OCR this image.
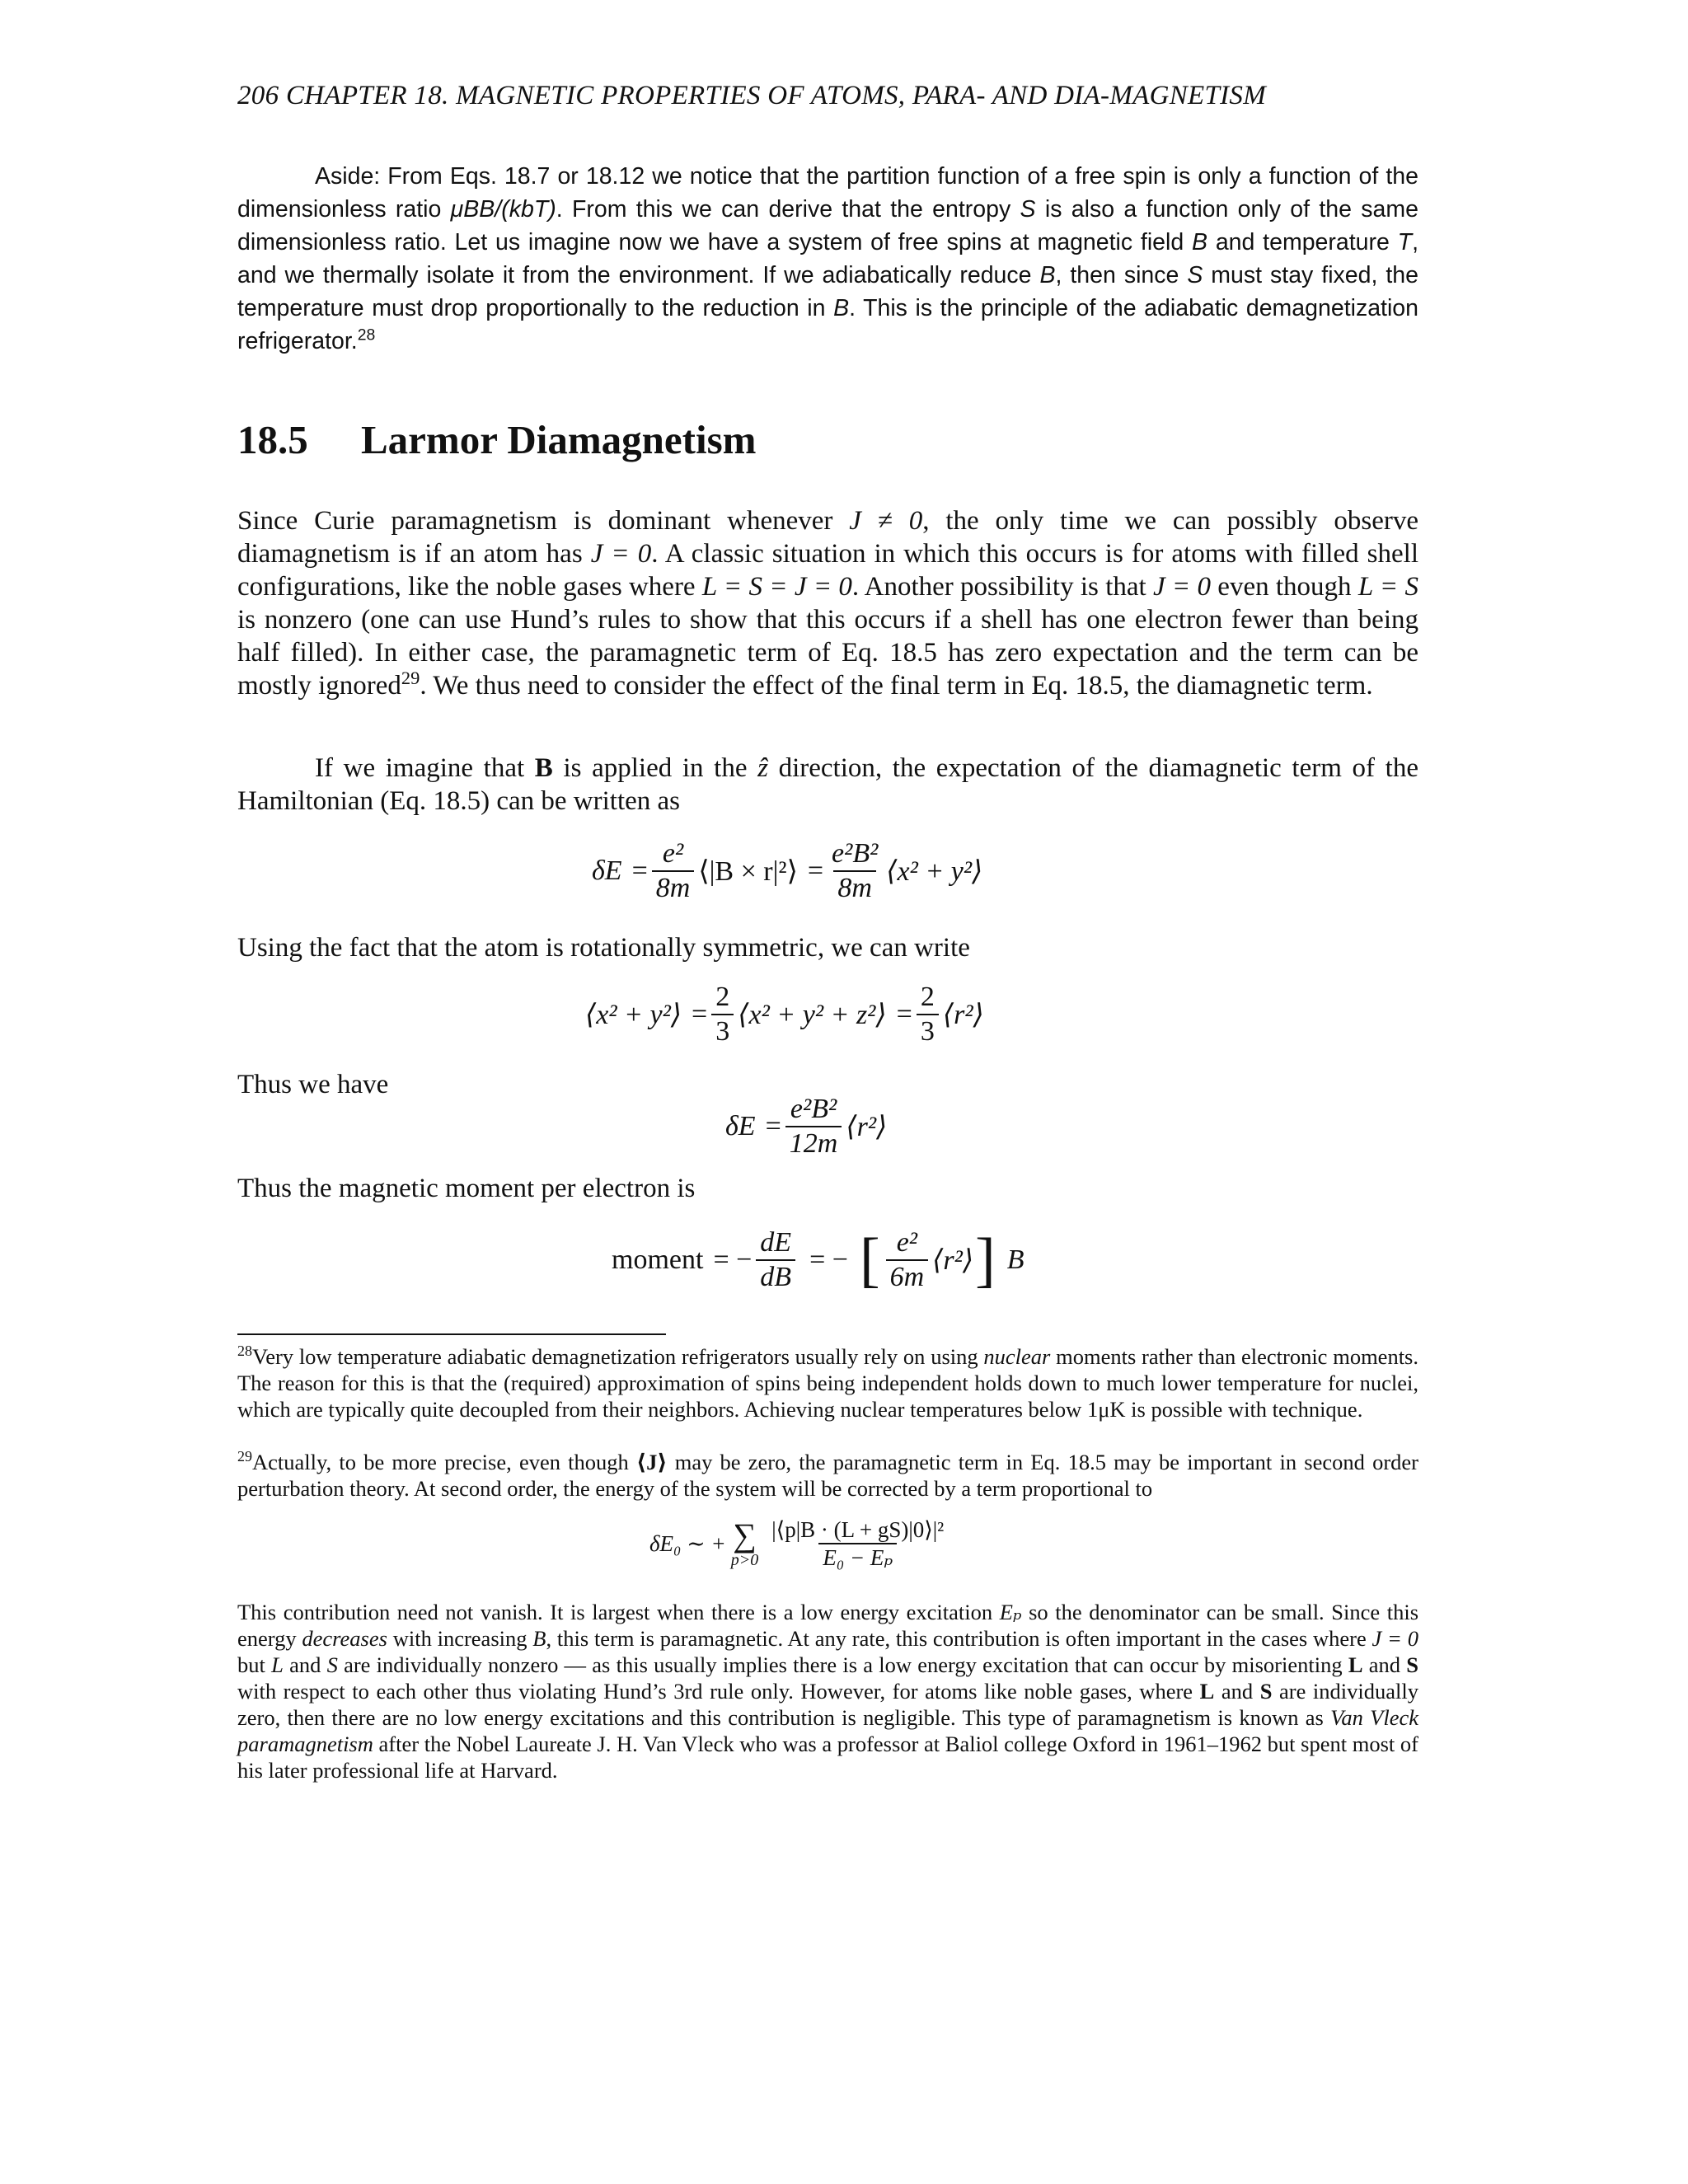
206 CHAPTER 18. MAGNETIC PROPERTIES OF ATOMS, PARA- AND DIA-MAGNETISM
Aside: From Eqs. 18.7 or 18.12 we notice that the partition function of a free spin is only a function of the dimensionless ratio μBB/(kbT). From this we can derive that the entropy S is also a function only of the same dimensionless ratio. Let us imagine now we have a system of free spins at magnetic field B and temperature T, and we thermally isolate it from the environment. If we adiabatically reduce B, then since S must stay fixed, the temperature must drop proportionally to the reduction in B. This is the principle of the adiabatic demagnetization refrigerator.$^{28}$
18.5 Larmor Diamagnetism
Since Curie paramagnetism is dominant whenever J ≠ 0, the only time we can possibly observe diamagnetism is if an atom has J = 0. A classic situation in which this occurs is for atoms with filled shell configurations, like the noble gases where L = S = J = 0. Another possibility is that J = 0 even though L = S is nonzero (one can use Hund’s rules to show that this occurs if a shell has one electron fewer than being half filled). In either case, the paramagnetic term of Eq. 18.5 has zero expectation and the term can be mostly ignored$^{29}$. We thus need to consider the effect of the final term in Eq. 18.5, the diamagnetic term.
If we imagine that B is applied in the ẑ direction, the expectation of the diamagnetic term of the Hamiltonian (Eq. 18.5) can be written as
$\delta E = \frac{\text{e²}}{8m}$ ⟨|B × r|²⟩ = $\frac{\text{e²B²}}{8m}$ ⟨x² + y²⟩
Using the fact that the atom is rotationally symmetric, we can write
⟨x² + y²⟩ = $\frac{2}{3}$ ⟨x² + y² + z²⟩ = $\frac{2}{3}$ ⟨r²⟩
Thus we have
$\delta E = \frac{\text{e²B²}}{12m}$ ⟨r²⟩
Thus the magnetic moment per electron is
moment = − $\frac{dE}{dB}$ = − [ $\frac{\text{e²}}{6m}$ ⟨r²⟩ ] B
$^{28}$Very low temperature adiabatic demagnetization refrigerators usually rely on using nuclear moments rather than electronic moments. The reason for this is that the (required) approximation of spins being independent holds down to much lower temperature for nuclei, which are typically quite decoupled from their neighbors. Achieving nuclear temperatures below 1μK is possible with technique.
$^{29}$Actually, to be more precise, even though ⟨J⟩ may be zero, the paramagnetic term in Eq. 18.5 may be important in second order perturbation theory. At second order, the energy of the system will be corrected by a term proportional to
δE₀ ∼ + ∑
$p>0 \frac{\text{|⟨p|B · (L + gS)|0⟩|²}}{\text{E₀ − Eₚ}}$
This contribution need not vanish. It is largest when there is a low energy excitation Eₚ so the denominator can be small. Since this energy decreases with increasing B, this term is paramagnetic. At any rate, this contribution is often important in the cases where J = 0 but L and S are individually nonzero — as this usually implies there is a low energy excitation that can occur by misorienting L and S with respect to each other thus violating Hund’s 3rd rule only. However, for atoms like noble gases, where L and S are individually zero, then there are no low energy excitations and this contribution is negligible. This type of paramagnetism is known as Van Vleck paramagnetism after the Nobel Laureate J. H. Van Vleck who was a professor at Baliol college Oxford in 1961–1962 but spent most of his later professional life at Harvard.
